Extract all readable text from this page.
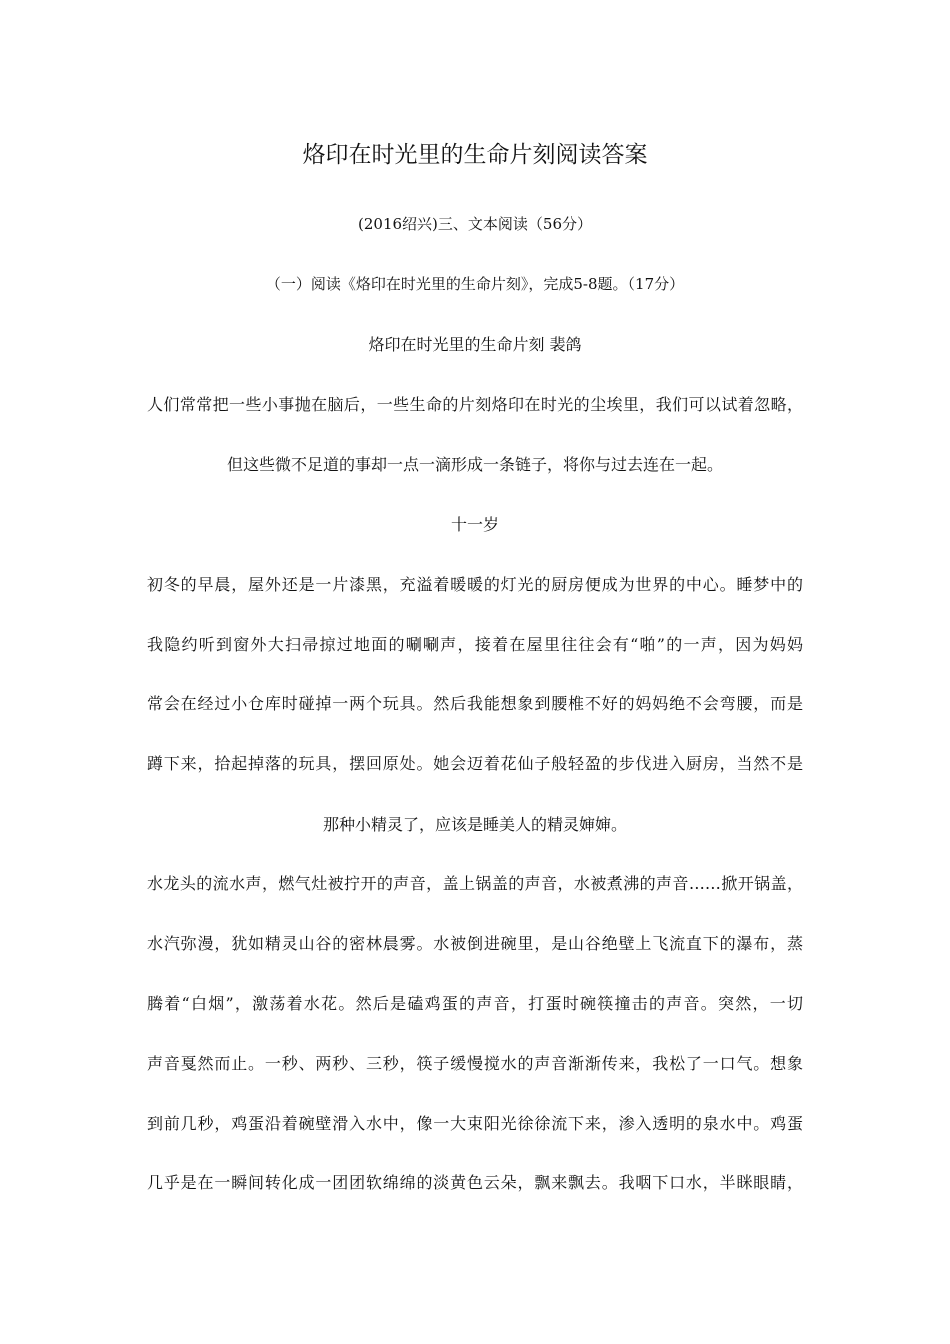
烙印在时光里的生命片刻阅读答案
(2016绍兴)三、文本阅读（56分）
（一）阅读《烙印在时光里的生命片刻》，完成5-8题。（17分）
烙印在时光里的生命片刻 裴鸽
人们常常把一些小事抛在脑后，一些生命的片刻烙印在时光的尘埃里，我们可以试着忽略，
但这些微不足道的事却一点一滴形成一条链子，将你与过去连在一起。
十一岁
初冬的早晨，屋外还是一片漆黑，充溢着暖暖的灯光的厨房便成为世界的中心。睡梦中的
我隐约听到窗外大扫帚掠过地面的唰唰声，接着在屋里往往会有“啪”的一声，因为妈妈
常会在经过小仓库时碰掉一两个玩具。然后我能想象到腰椎不好的妈妈绝不会弯腰，而是
蹲下来，拾起掉落的玩具，摆回原处。她会迈着花仙子般轻盈的步伐进入厨房，当然不是
那种小精灵了，应该是睡美人的精灵婶婶。
水龙头的流水声，燃气灶被拧开的声音，盖上锅盖的声音，水被煮沸的声音……掀开锅盖，
水汽弥漫，犹如精灵山谷的密林晨雾。水被倒进碗里，是山谷绝壁上飞流直下的瀑布，蒸
腾着“白烟”，激荡着水花。然后是磕鸡蛋的声音，打蛋时碗筷撞击的声音。突然，一切
声音戛然而止。一秒、两秒、三秒，筷子缓慢搅水的声音渐渐传来，我松了一口气。想象
到前几秒，鸡蛋沿着碗壁滑入水中，像一大束阳光徐徐流下来，渗入透明的泉水中。鸡蛋
几乎是在一瞬间转化成一团团软绵绵的淡黄色云朵，飘来飘去。我咽下口水，半眯眼睛，
